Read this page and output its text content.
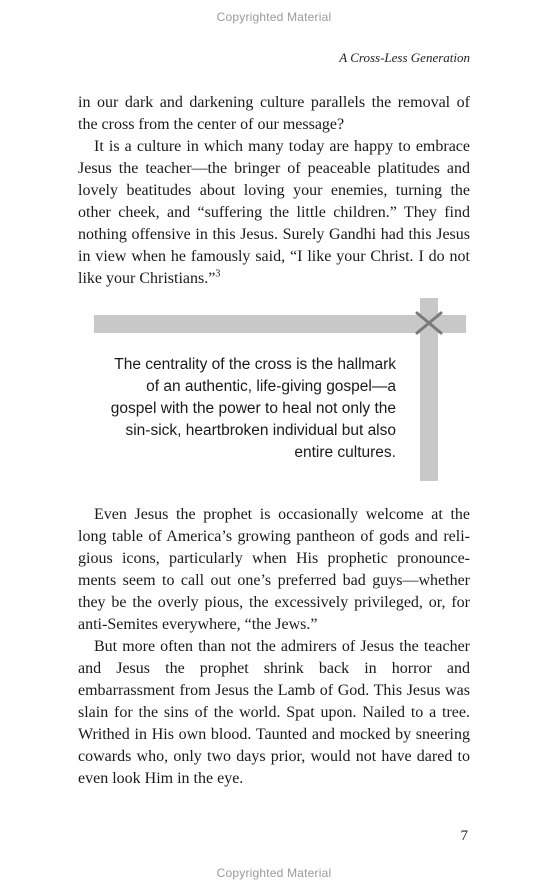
Copyrighted Material
A Cross-Less Generation

in our dark and darkening culture parallels the removal of the cross from the center of our message?

It is a culture in which many today are happy to embrace Jesus the teacher—the bringer of peaceable platitudes and lovely beatitudes about loving your enemies, turning the other cheek, and “suffering the little children.” They find nothing offensive in this Jesus. Surely Gandhi had this Jesus in view when he famously said, “I like your Christ. I do not like your Christians.”$^3$

The centrality of the cross is the hallmark of an authentic, life-giving gospel—a gospel with the power to heal not only the sin-sick, heartbroken individual but also entire cultures.

Even Jesus the prophet is occasionally welcome at the long table of America’s growing pantheon of gods and religious icons, particularly when His prophetic pronouncements seem to call out one’s preferred bad guys—whether they be the overly pious, the excessively privileged, or, for anti-Semites everywhere, “the Jews.”

But more often than not the admirers of Jesus the teacher and Jesus the prophet shrink back in horror and embarrassment from Jesus the Lamb of God. This Jesus was slain for the sins of the world. Spat upon. Nailed to a tree. Writhed in His own blood. Taunted and mocked by sneering cowards who, only two days prior, would not have dared to even look Him in the eye.

7
Copyrighted Material
